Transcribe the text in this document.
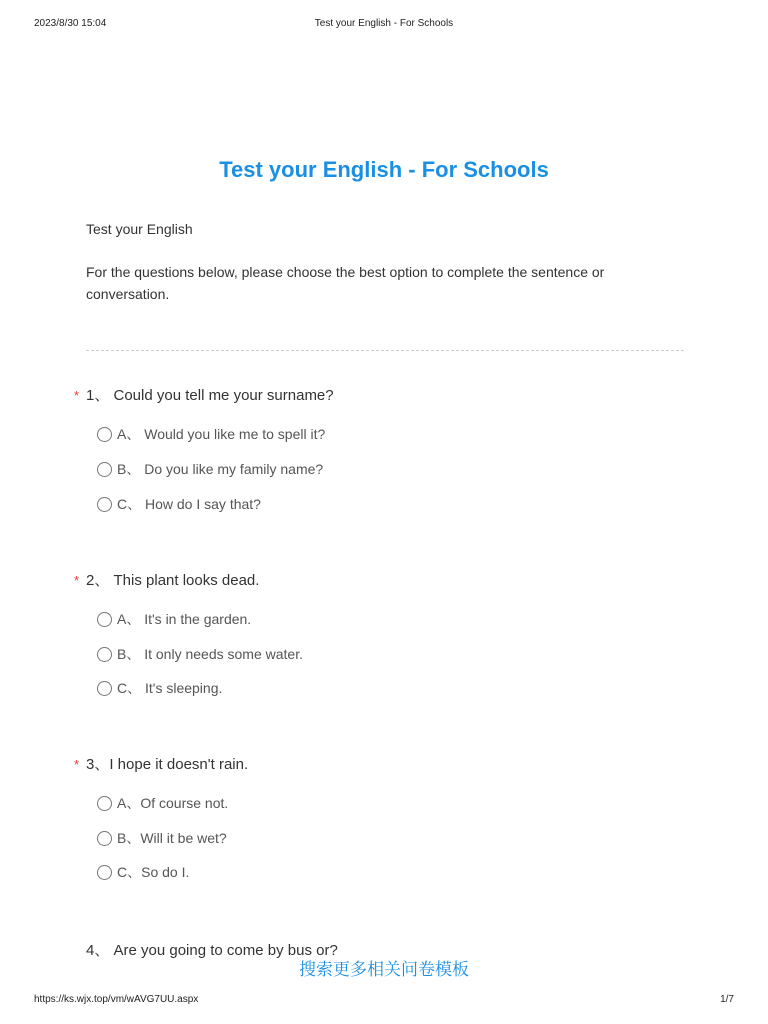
2023/8/30 15:04	Test your English - For Schools
Test your English - For Schools
Test your English
For the questions below, please choose the best option to complete the sentence or conversation.
* 1、 Could you tell me your surname?
A、 Would you like me to spell it?
B、 Do you like my family name?
C、 How do I say that?
* 2、 This plant looks dead.
A、 It's in the garden.
B、 It only needs some water.
C、 It's sleeping.
* 3、I hope it doesn't rain.
A、Of course not.
B、Will it be wet?
C、So do I.
4、 Are you going to come by bus or?
搜索更多相关问卷模板
https://ks.wjx.top/vm/wAVG7UU.aspx	1/7
